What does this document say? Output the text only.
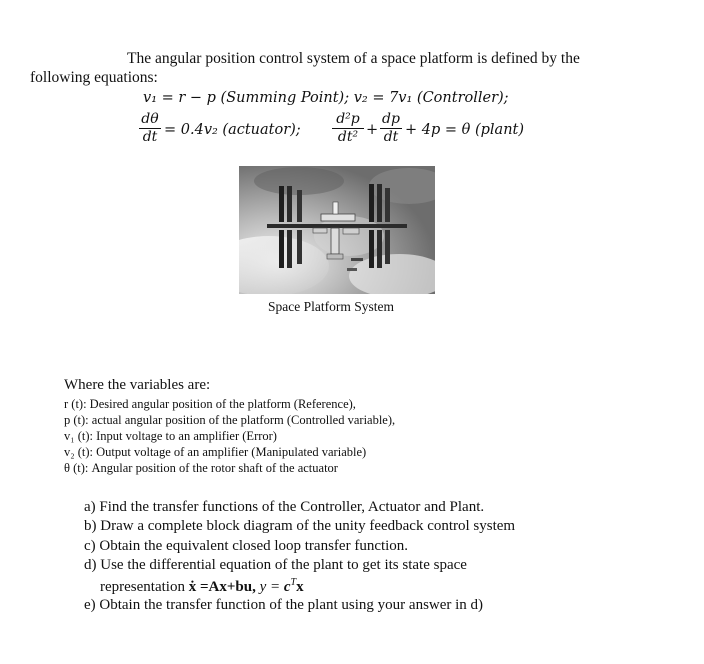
The angular position control system of a space platform is defined by the
following equations:
v₁ = r − p (Summing Point); v₂ = 7v₁ (Controller);
dθ
dt = 0.4v₂ (actuator);
d²p
dt² +
dp
dt + 4p = θ (plant)
Space Platform System
Where the variables are:
r (t): Desired angular position of the platform (Reference),
p (t): actual angular position of the platform (Controlled variable),
v₁ (t): Input voltage to an amplifier (Error)
v₂ (t): Output voltage of an amplifier (Manipulated variable)
θ (t): Angular position of the rotor shaft of the actuator
a) Find the transfer functions of the Controller, Actuator and Plant.
b) Draw a complete block diagram of the unity feedback control system
c) Obtain the equivalent closed loop transfer function.
d) Use the differential equation of the plant to get its state space
representation ẋ =Ax+bu, $y = c^Tx$
e) Obtain the transfer function of the plant using your answer in d)
